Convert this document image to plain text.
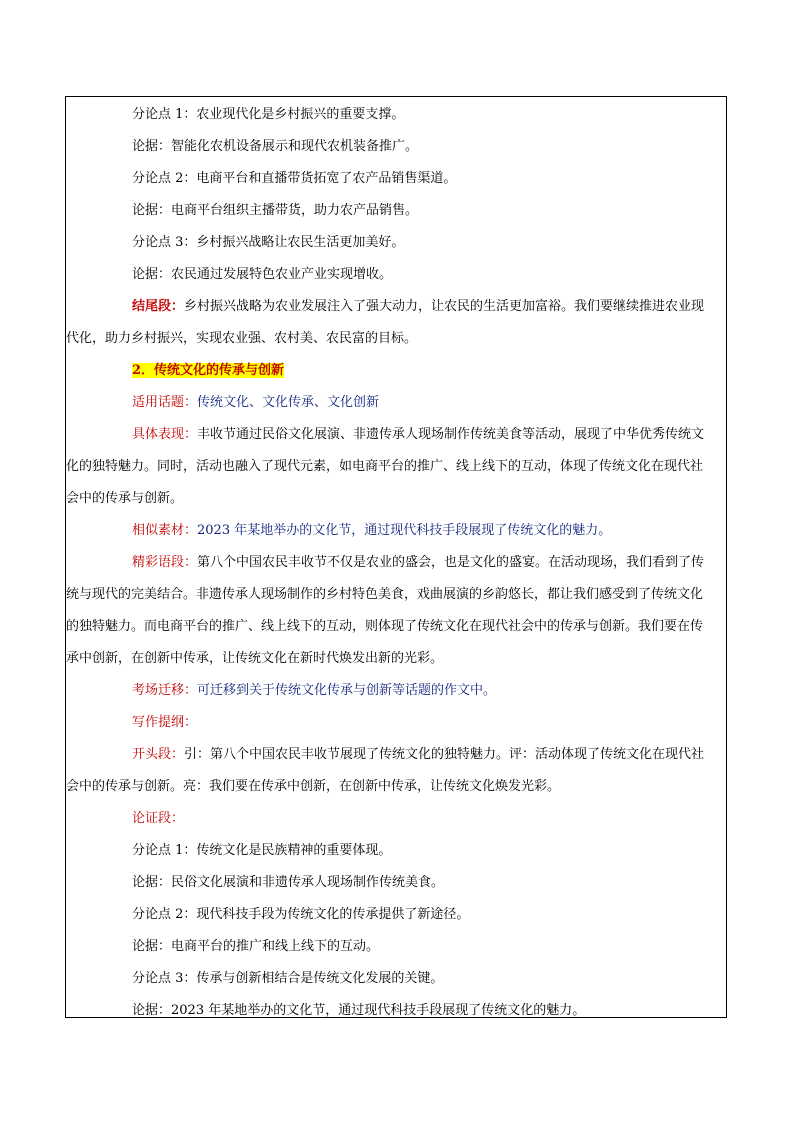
分论点 1：农业现代化是乡村振兴的重要支撑。

论据：智能化农机设备展示和现代农机装备推广。

分论点 2：电商平台和直播带货拓宽了农产品销售渠道。

论据：电商平台组织主播带货，助力农产品销售。

分论点 3：乡村振兴战略让农民生活更加美好。

论据：农民通过发展特色农业产业实现增收。

结尾段：乡村振兴战略为农业发展注入了强大动力，让农民的生活更加富裕。我们要继续推进农业现代化，助力乡村振兴，实现农业强、农村美、农民富的目标。

2．传统文化的传承与创新

适用话题：传统文化、文化传承、文化创新

具体表现：丰收节通过民俗文化展演、非遗传承人现场制作传统美食等活动，展现了中华优秀传统文化的独特魅力。同时，活动也融入了现代元素，如电商平台的推广、线上线下的互动，体现了传统文化在现代社会中的传承与创新。

相似素材：2023 年某地举办的文化节，通过现代科技手段展现了传统文化的魅力。

精彩语段：第八个中国农民丰收节不仅是农业的盛会，也是文化的盛宴。在活动现场，我们看到了传统与现代的完美结合。非遗传承人现场制作的乡村特色美食，戏曲展演的乡韵悠长，都让我们感受到了传统文化的独特魅力。而电商平台的推广、线上线下的互动，则体现了传统文化在现代社会中的传承与创新。我们要在传承中创新，在创新中传承，让传统文化在新时代焕发出新的光彩。

考场迁移：可迁移到关于传统文化传承与创新等话题的作文中。

写作提纲：

开头段：引：第八个中国农民丰收节展现了传统文化的独特魅力。评：活动体现了传统文化在现代社会中的传承与创新。亮：我们要在传承中创新，在创新中传承，让传统文化焕发光彩。

论证段：

分论点 1：传统文化是民族精神的重要体现。

论据：民俗文化展演和非遗传承人现场制作传统美食。

分论点 2：现代科技手段为传统文化的传承提供了新途径。

论据：电商平台的推广和线上线下的互动。

分论点 3：传承与创新相结合是传统文化发展的关键。

论据：2023 年某地举办的文化节，通过现代科技手段展现了传统文化的魅力。
